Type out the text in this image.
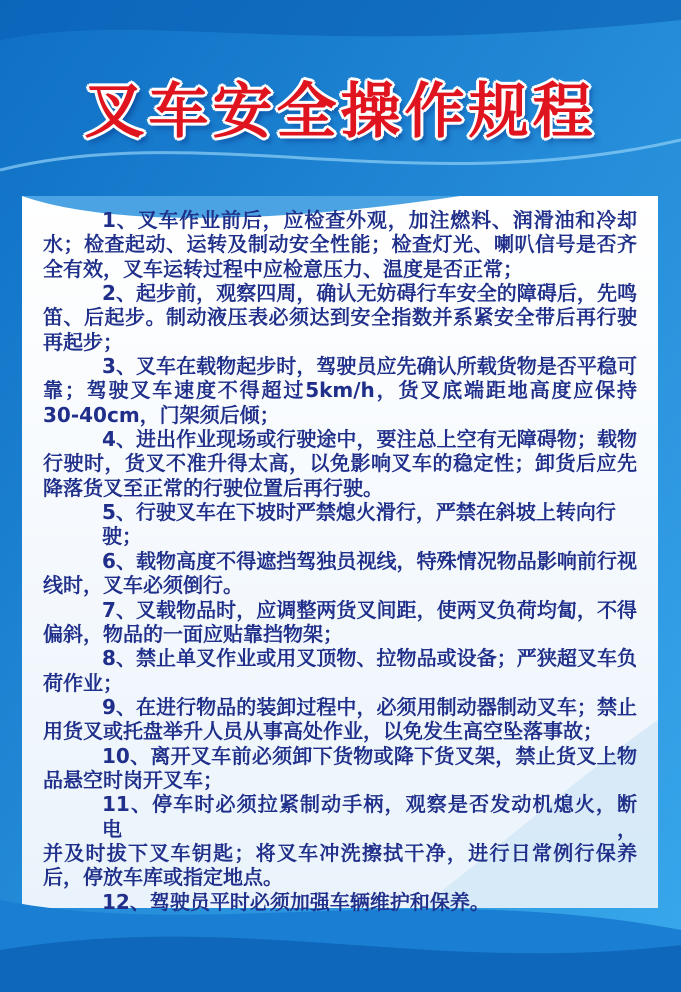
叉车安全操作规程
1、叉车作业前后，应检查外观，加注燃料、润滑油和冷却
水；检查起动、运转及制动安全性能；检查灯光、喇叭信号是否齐
全有效，叉车运转过程中应检意压力、温度是否正常；
2、起步前，观察四周，确认无妨碍行车安全的障碍后，先鸣
笛、后起步。制动液压表必须达到安全指数并系紧安全带后再行驶
再起步；
3、叉车在载物起步时，驾驶员应先确认所载货物是否平稳可
靠；驾驶叉车速度不得超过5km/h，货叉底端距地高度应保持
30-40cm，门架须后倾；
4、进出作业现场或行驶途中，要注总上空有无障碍物；载物
行驶时，货叉不准升得太高，以免影响叉车的稳定性；卸货后应先
降落货叉至正常的行驶位置后再行驶。
5、行驶叉车在下坡时严禁熄火滑行，严禁在斜坡上转向行驶；
6、载物高度不得遮挡驾独员视线，特殊情况物品影响前行视
线时，叉车必须倒行。
7、叉载物品时，应调整两货叉间距，使两叉负荷均匐，不得
偏斜，物品的一面应贴靠挡物架；
8、禁止单叉作业或用叉顶物、拉物品或设备；严狭超叉车负
荷作业；
9、在进行物品的装卸过程中，必须用制动器制动叉车；禁止
用货叉或托盘举升人员从事高处作业，以免发生高空坠落事故；
10、离开叉车前必须卸下货物或降下货叉架，禁止货叉上物
品悬空时岗开叉车；
11、停车时必须拉紧制动手柄，观察是否发动机熄火，断电，
并及时拔下叉车钥匙；将叉车冲洗擦拭干净，进行日常例行保养
后，停放车库或指定地点。
12、驾驶员平时必须加强车辆维护和保养。
